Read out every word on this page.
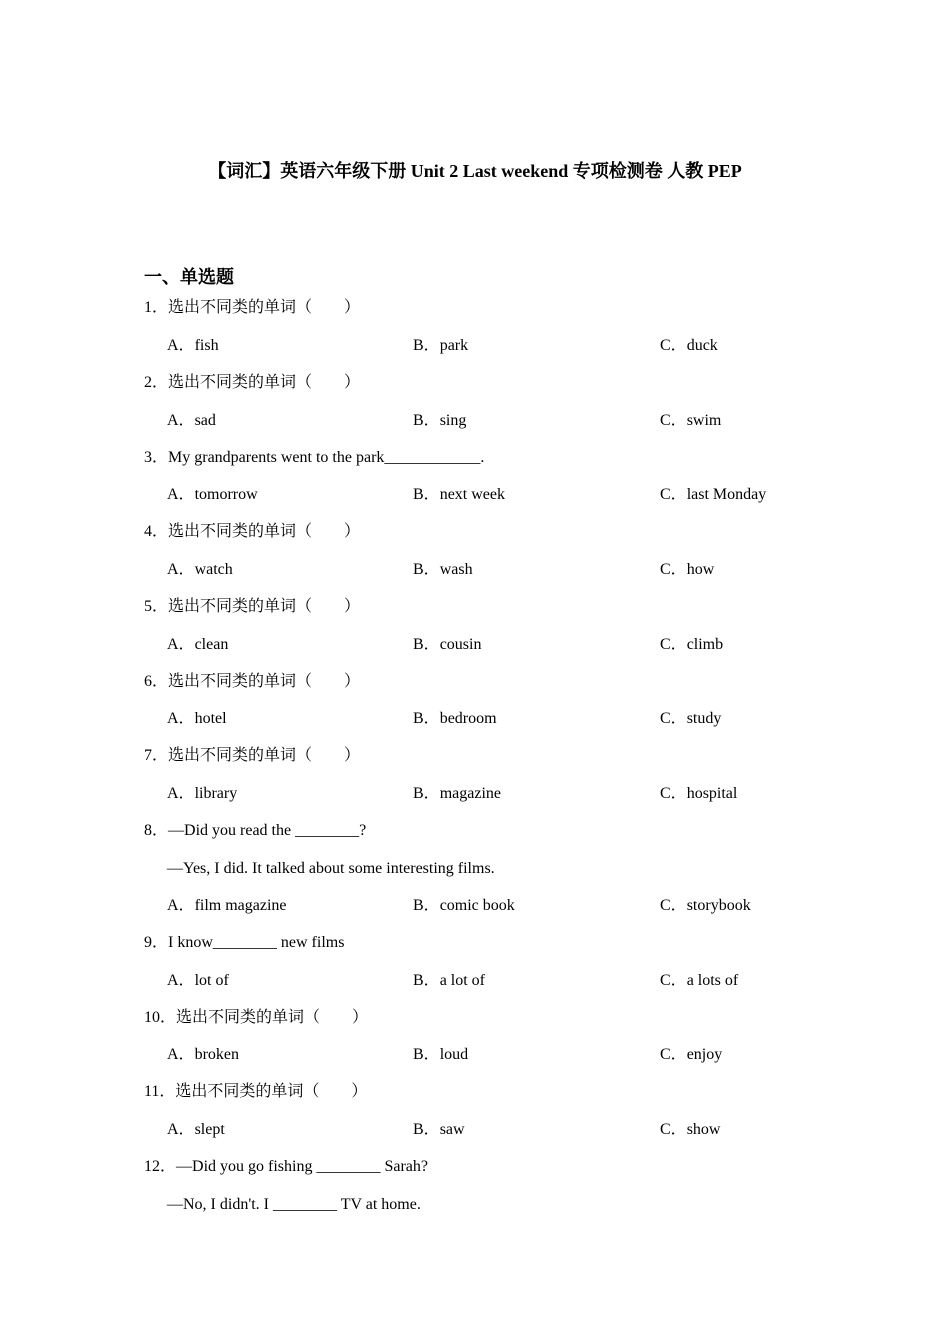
【词汇】英语六年级下册 Unit 2 Last weekend 专项检测卷 人教 PEP
一、单选题
1．选出不同类的单词（　　）
A．fish	B．park	C．duck
2．选出不同类的单词（　　）
A．sad	B．sing	C．swim
3．My grandparents went to the park____________.
A．tomorrow	B．next week	C．last Monday
4．选出不同类的单词（　　）
A．watch	B．wash	C．how
5．选出不同类的单词（　　）
A．clean	B．cousin	C．climb
6．选出不同类的单词（　　）
A．hotel	B．bedroom	C．study
7．选出不同类的单词（　　）
A．library	B．magazine	C．hospital
8．—Did you read the ________?
—Yes, I did. It talked about some interesting films.
A．film magazine	B．comic book	C．storybook
9．I know________ new films
A．lot of	B．a lot of	C．a lots of
10．选出不同类的单词（　　）
A．broken	B．loud	C．enjoy
11．选出不同类的单词（　　）
A．slept	B．saw	C．show
12．—Did you go fishing ________ Sarah?
—No, I didn't. I ________ TV at home.
